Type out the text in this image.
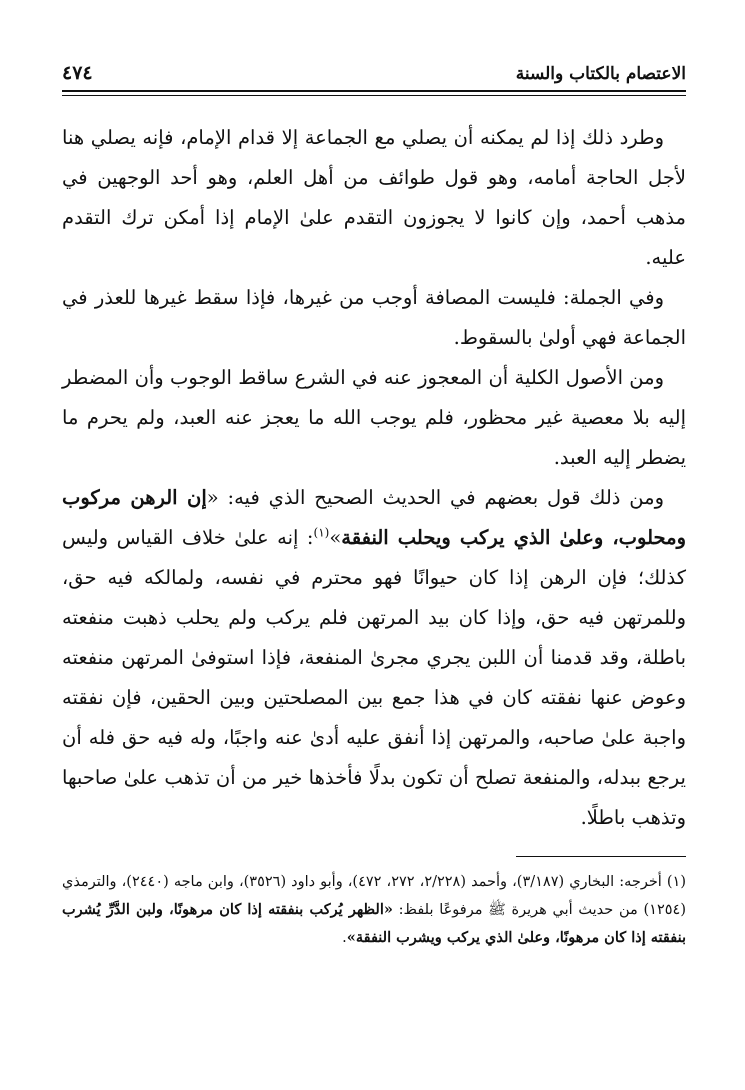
الاعتصام بالكتاب والسنة
٤٧٤

وطرد ذلك إذا لم يمكنه أن يصلي مع الجماعة إلا قدام الإمام، فإنه يصلي هنا لأجل الحاجة أمامه، وهو قول طوائف من أهل العلم، وهو أحد الوجهين في مذهب أحمد، وإن كانوا لا يجوزون التقدم علىٰ الإمام إذا أمكن ترك التقدم عليه.

وفي الجملة: فليست المصافة أوجب من غيرها، فإذا سقط غيرها للعذر في الجماعة فهي أولىٰ بالسقوط.

ومن الأصول الكلية أن المعجوز عنه في الشرع ساقط الوجوب وأن المضطر إليه بلا معصية غير محظور، فلم يوجب الله ما يعجز عنه العبد، ولم يحرم ما يضطر إليه العبد.

ومن ذلك قول بعضهم في الحديث الصحيح الذي فيه: «إن الرهن مركوب ومحلوب، وعلىٰ الذي يركب ويحلب النفقة»$^{(١)}$: إنه علىٰ خلاف القياس وليس كذلك؛ فإن الرهن إذا كان حيوانًا فهو محترم في نفسه، ولمالكه فيه حق، وللمرتهن فيه حق، وإذا كان بيد المرتهن فلم يركب ولم يحلب ذهبت منفعته باطلة، وقد قدمنا أن اللبن يجري مجرىٰ المنفعة، فإذا استوفىٰ المرتهن منفعته وعوض عنها نفقته كان في هذا جمع بين المصلحتين وبين الحقين، فإن نفقته واجبة علىٰ صاحبه، والمرتهن إذا أنفق عليه أدىٰ عنه واجبًا، وله فيه حق فله أن يرجع ببدله، والمنفعة تصلح أن تكون بدلًا فأخذها خير من أن تذهب علىٰ صاحبها وتذهب باطلًا.

(١) أخرجه: البخاري (٣/١٨٧)، وأحمد (٢/٢٢٨، ٢٧٢، ٤٧٢)، وأبو داود (٣٥٢٦)، وابن ماجه (٢٤٤٠)، والترمذي (١٢٥٤) من حديث أبي هريرة ﷺ مرفوعًا بلفظ: «الظهر يُركب بنفقته إذا كان مرهونًا، ولبن الدَّرِّ يُشرب بنفقته إذا كان مرهونًا، وعلىٰ الذي يركب ويشرب النفقة».
